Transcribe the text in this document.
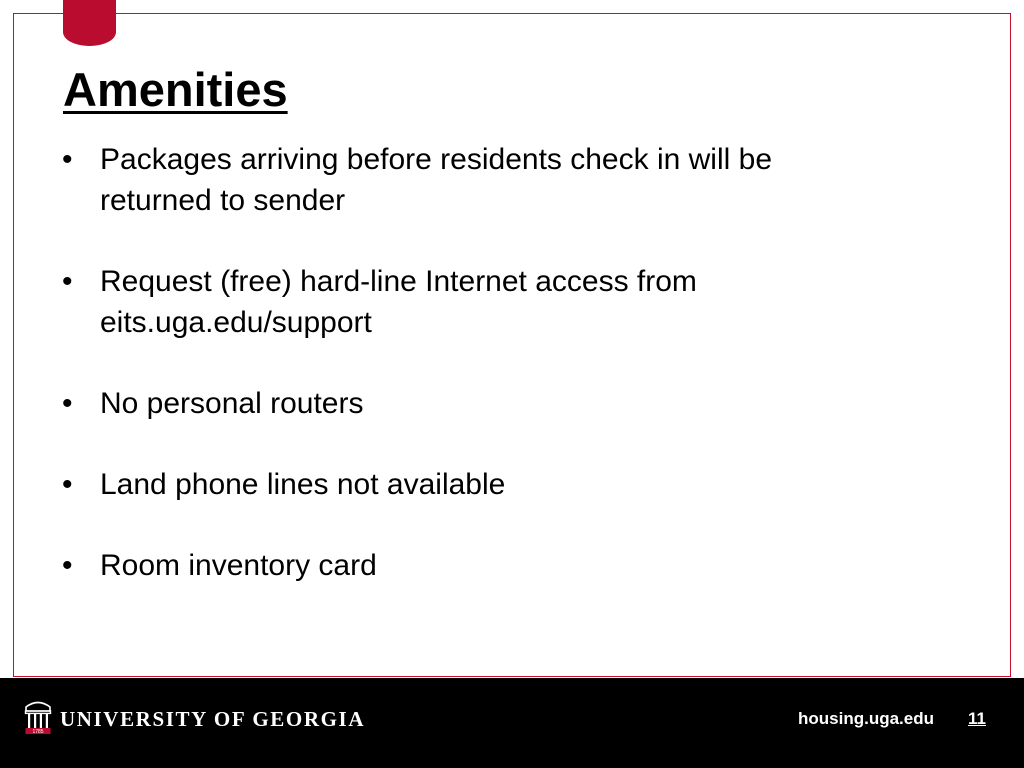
Amenities
• Packages arriving before residents check in will be
returned to sender
• Request (free) hard-line Internet access from
eits.uga.edu/support
• No personal routers
• Land phone lines not available
• Room inventory card
1785
UNIVERSITY OF GEORGIA	housing.uga.edu 11
